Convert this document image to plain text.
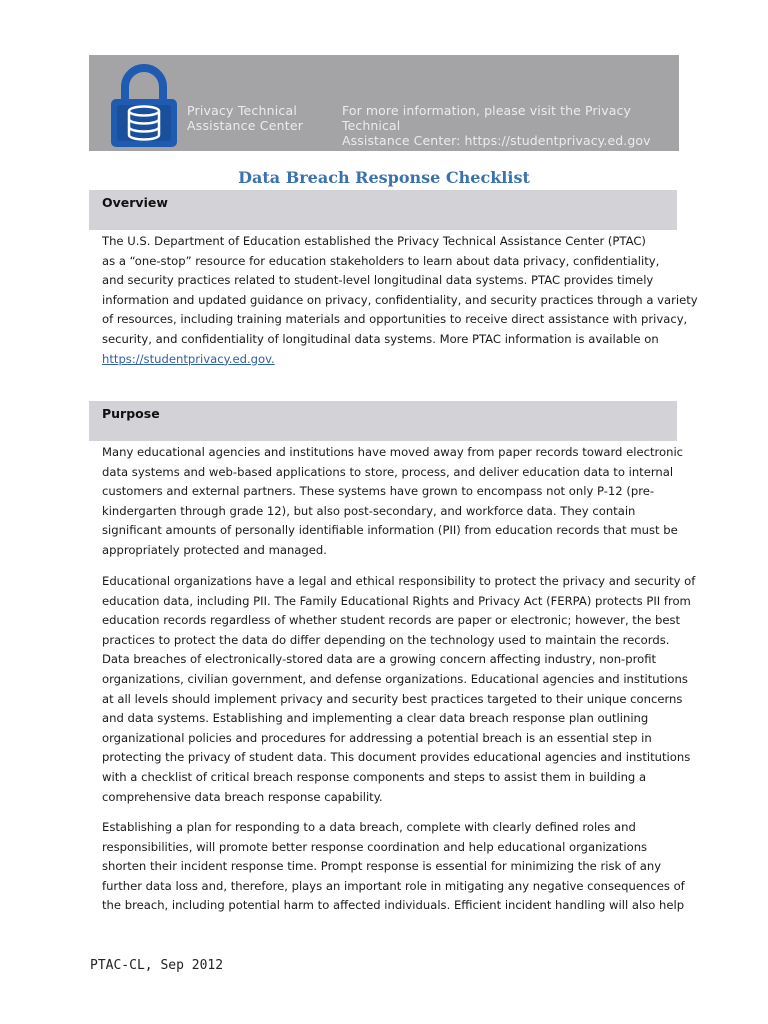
Privacy Technical
Assistance Center
For more information, please visit the Privacy Technical
Assistance Center: https://studentprivacy.ed.gov
Data Breach Response Checklist
Overview
The U.S. Department of Education established the Privacy Technical Assistance Center (PTAC)
as a “one-stop” resource for education stakeholders to learn about data privacy, confidentiality,
and security practices related to student-level longitudinal data systems. PTAC provides timely
information and updated guidance on privacy, confidentiality, and security practices through a variety
of resources, including training materials and opportunities to receive direct assistance with privacy,
security, and confidentiality of longitudinal data systems. More PTAC information is available on
https://studentprivacy.ed.gov.
Purpose
Many educational agencies and institutions have moved away from paper records toward electronic
data systems and web-based applications to store, process, and deliver education data to internal
customers and external partners. These systems have grown to encompass not only P-12 (pre-
kindergarten through grade 12), but also post-secondary, and workforce data. They contain
significant amounts of personally identifiable information (PII) from education records that must be
appropriately protected and managed.
Educational organizations have a legal and ethical responsibility to protect the privacy and security of
education data, including PII. The Family Educational Rights and Privacy Act (FERPA) protects PII from
education records regardless of whether student records are paper or electronic; however, the best
practices to protect the data do differ depending on the technology used to maintain the records.
Data breaches of electronically-stored data are a growing concern affecting industry, non-profit
organizations, civilian government, and defense organizations. Educational agencies and institutions
at all levels should implement privacy and security best practices targeted to their unique concerns
and data systems. Establishing and implementing a clear data breach response plan outlining
organizational policies and procedures for addressing a potential breach is an essential step in
protecting the privacy of student data. This document provides educational agencies and institutions
with a checklist of critical breach response components and steps to assist them in building a
comprehensive data breach response capability.
Establishing a plan for responding to a data breach, complete with clearly defined roles and
responsibilities, will promote better response coordination and help educational organizations
shorten their incident response time. Prompt response is essential for minimizing the risk of any
further data loss and, therefore, plays an important role in mitigating any negative consequences of
the breach, including potential harm to affected individuals. Efficient incident handling will also help
PTAC-CL, Sep 2012
